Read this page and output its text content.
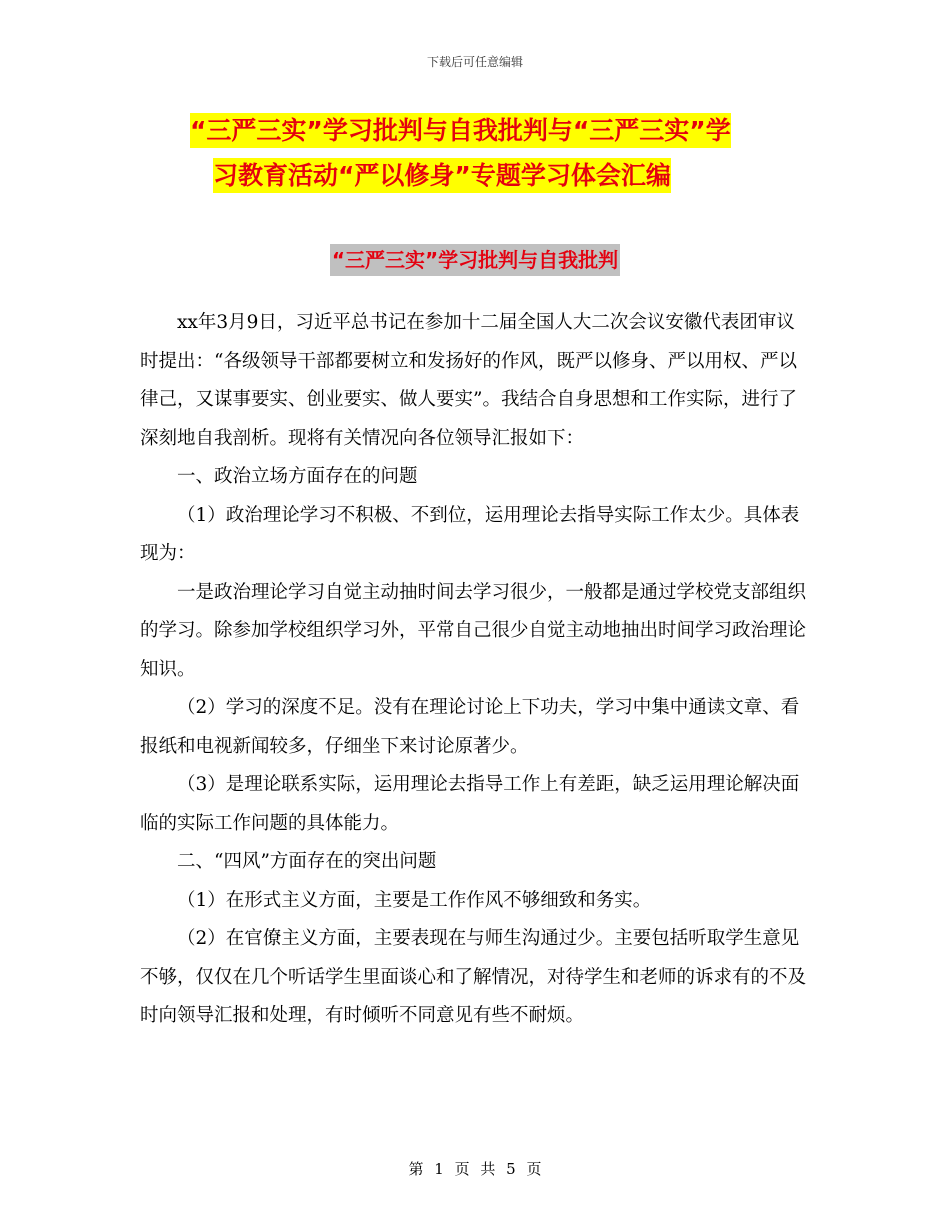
下载后可任意编辑
“三严三实”学习批判与自我批判与“三严三实”学
习教育活动“严以修身”专题学习体会汇编
“三严三实”学习批判与自我批判

xx年3月9日，习近平总书记在参加十二届全国人大二次会议安徽代表团审议时提出：“各级领导干部都要树立和发扬好的作风，既严以修身、严以用权、严以律己，又谋事要实、创业要实、做人要实”。我结合自身思想和工作实际，进行了深刻地自我剖析。现将有关情况向各位领导汇报如下：

一、政治立场方面存在的问题

（1）政治理论学习不积极、不到位，运用理论去指导实际工作太少。具体表现为：

一是政治理论学习自觉主动抽时间去学习很少，一般都是通过学校党支部组织的学习。除参加学校组织学习外，平常自己很少自觉主动地抽出时间学习政治理论知识。

（2）学习的深度不足。没有在理论讨论上下功夫，学习中集中通读文章、看报纸和电视新闻较多，仔细坐下来讨论原著少。

（3）是理论联系实际，运用理论去指导工作上有差距，缺乏运用理论解决面临的实际工作问题的具体能力。

二、“四风”方面存在的突出问题

（1）在形式主义方面，主要是工作作风不够细致和务实。

（2）在官僚主义方面，主要表现在与师生沟通过少。主要包括听取学生意见不够，仅仅在几个听话学生里面谈心和了解情况，对待学生和老师的诉求有的不及时向领导汇报和处理，有时倾听不同意见有些不耐烦。

第 1 页 共 5 页
